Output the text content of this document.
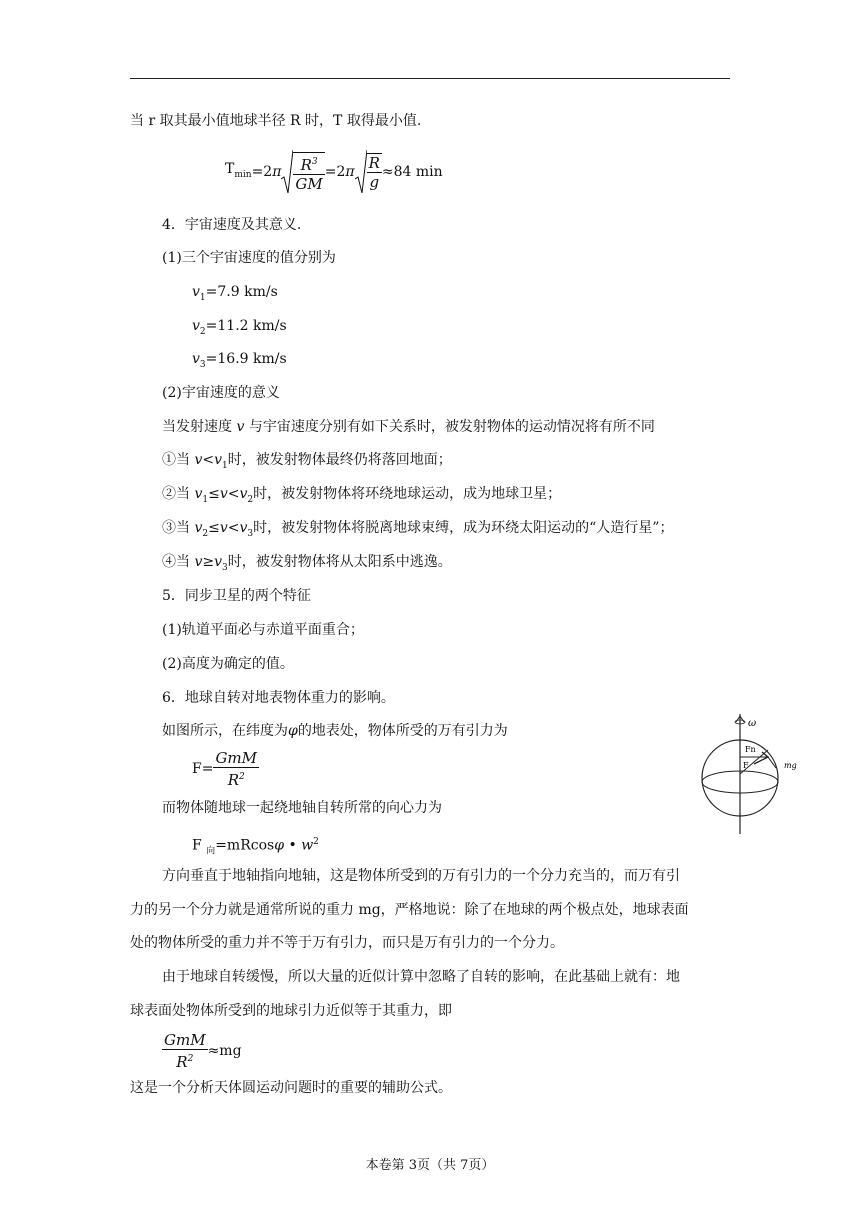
当 r 取其最小值地球半径 R 时，T 取得最小值.
$T_{min} =2$ π $\frac{R^3}{GM} =2$ π $\frac{R}{g} \approx 84$ min
4．宇宙速度及其意义.
(1)三个宇宙速度的值分别为
$v_1=7.9$ km/s
$v_2=11.2$ km/s
$v_3=16.9$ km/s
(2)宇宙速度的意义
当发射速度 v 与宇宙速度分别有如下关系时，被发射物体的运动情况将有所不同
①当 $v<v_1$时，被发射物体最终仍将落回地面；
②当 $v_1\le v<v_2$时，被发射物体将环绕地球运动，成为地球卫星；
③当 $v_2\le v<v_3$时，被发射物体将脱离地球束缚，成为环绕太阳运动的“人造行星”；
④当 $v\ge v_3$时，被发射物体将从太阳系中逃逸。
5．同步卫星的两个特征
(1)轨道平面必与赤道平面重合；
(2)高度为确定的值。
6．地球自转对地表物体重力的影响。
如图所示，在纬度为φ的地表处，物体所受的万有引力为
$F= \frac{\text{GmM}}{R^2}$
而物体随地球一起绕地轴自转所常的向心力为
F $_向$=mRcosφ • $w^2$
方向垂直于地轴指向地轴，这是物体所受到的万有引力的一个分力充当的，而万有引
力的另一个分力就是通常所说的重力 mg，严格地说：除了在地球的两个极点处，地球表面
处的物体所受的重力并不等于万有引力，而只是万有引力的一个分力。
由于地球自转缓慢，所以大量的近似计算中忽略了自转的影响，在此基础上就有：地
球表面处物体所受到的地球引力近似等于其重力，即
$\frac{\text{GmM}}{R^2} \approx mg$
这是一个分析天体圆运动问题时的重要的辅助公式。
ω
Fn
F	mg
本卷第 3页（共 7页）
